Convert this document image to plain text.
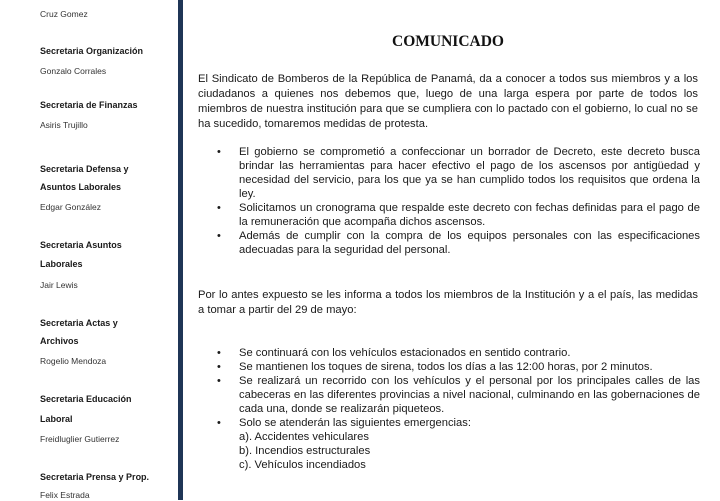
Cruz Gomez
Secretaria Organización
Gonzalo Corrales
Secretaria de Finanzas
Asiris Trujillo
Secretaria Defensa y
Asuntos Laborales
Edgar González
Secretaria Asuntos
Laborales
Jair Lewis
Secretaria Actas y
Archivos
Rogelio Mendoza
Secretaria Educación
Laboral
Freidluglier Gutierrez
Secretaria Prensa y Prop.
Felix Estrada
COMUNICADO
El Sindicato de Bomberos de la República de Panamá, da a conocer a todos sus miembros y a los ciudadanos a quienes nos debemos que, luego de una larga espera por parte de todos los miembros de nuestra institución para que se cumpliera con lo pactado con el gobierno, lo cual no se ha sucedido, tomaremos medidas de protesta.
• El gobierno se comprometió a confeccionar un borrador de Decreto, este decreto busca brindar las herramientas para hacer efectivo el pago de los ascensos por antigüedad y necesidad del servicio, para los que ya se han cumplido todos los requisitos que ordena la ley.
• Solicitamos un cronograma que respalde este decreto con fechas definidas para el pago de la remuneración que acompaña dichos ascensos.
• Además de cumplir con la compra de los equipos personales con las especificaciones adecuadas para la seguridad del personal.
Por lo antes expuesto se les informa a todos los miembros de la Institución y a el país, las medidas a tomar a partir del 29 de mayo:
• Se continuará con los vehículos estacionados en sentido contrario.
• Se mantienen los toques de sirena, todos los días a las 12:00 horas, por 2 minutos.
• Se realizará un recorrido con los vehículos y el personal por los principales calles de las cabeceras en las diferentes provincias a nivel nacional, culminando en las gobernaciones de cada una, donde se realizarán piqueteos.
• Solo se atenderán las siguientes emergencias:
a). Accidentes vehiculares
b). Incendios estructurales
c). Vehículos incendiados
